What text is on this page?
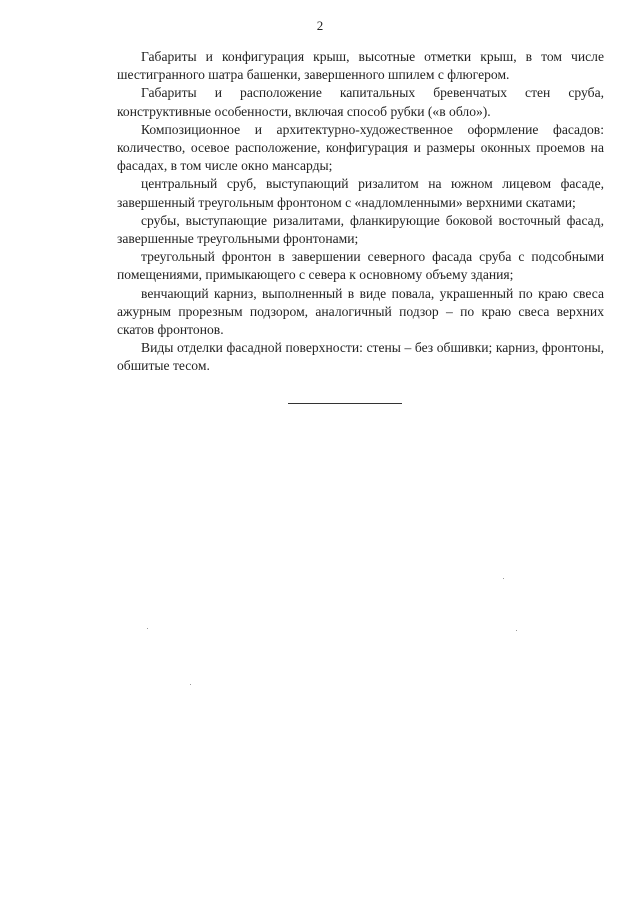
2

Габариты и конфигурация крыш, высотные отметки крыш, в том числе шестигранного шатра башенки, завершенного шпилем с флюгером.

Габариты и расположение капитальных бревенчатых стен сруба, конструктивные особенности, включая способ рубки («в обло»).

Композиционное и архитектурно-художественное оформление фасадов: количество, осевое расположение, конфигурация и размеры оконных проемов на фасадах, в том числе окно мансарды;

центральный сруб, выступающий ризалитом на южном лицевом фасаде, завершенный треугольным фронтоном с «надломленными» верхними скатами;

срубы, выступающие ризалитами, фланкирующие боковой восточный фасад, завершенные треугольными фронтонами;

треугольный фронтон в завершении северного фасада сруба с подсобными помещениями, примыкающего с севера к основному объему здания;

венчающий карниз, выполненный в виде повала, украшенный по краю свеса ажурным прорезным подзором, аналогичный подзор – по краю свеса верхних скатов фронтонов.

Виды отделки фасадной поверхности: стены – без обшивки; карниз, фронтоны, обшитые тесом.
